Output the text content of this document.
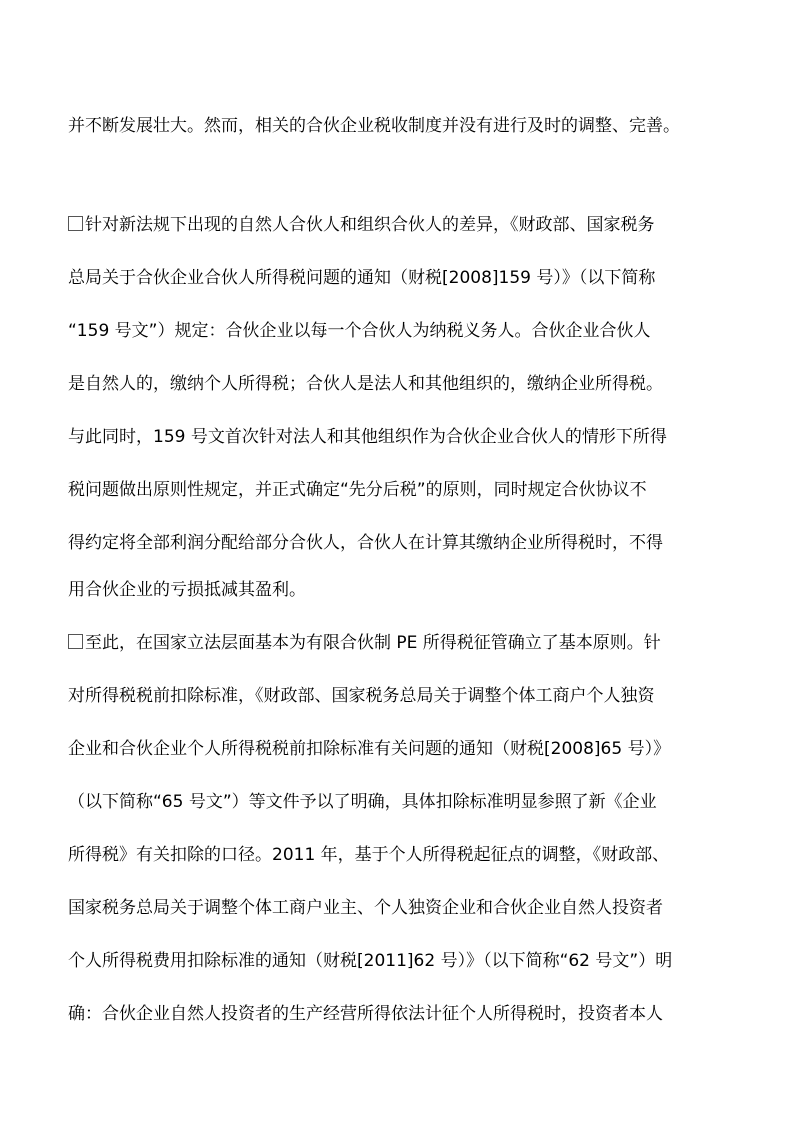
并不断发展壮大。然而，相关的合伙企业税收制度并没有进行及时的调整、完善。
针对新法规下出现的自然人合伙人和组织合伙人的差异，《财政部、国家税务
总局关于合伙企业合伙人所得税问题的通知（财税[2008]159 号）》（以下简称
“159 号文”）规定：合伙企业以每一个合伙人为纳税义务人。合伙企业合伙人
是自然人的，缴纳个人所得税；合伙人是法人和其他组织的，缴纳企业所得税。
与此同时，159 号文首次针对法人和其他组织作为合伙企业合伙人的情形下所得
税问题做出原则性规定，并正式确定“先分后税”的原则，同时规定合伙协议不
得约定将全部利润分配给部分合伙人，合伙人在计算其缴纳企业所得税时，不得
用合伙企业的亏损抵减其盈利。
至此，在国家立法层面基本为有限合伙制 PE 所得税征管确立了基本原则。针
对所得税税前扣除标准，《财政部、国家税务总局关于调整个体工商户个人独资
企业和合伙企业个人所得税税前扣除标准有关问题的通知（财税[2008]65 号）》
（以下简称“65 号文”）等文件予以了明确，具体扣除标准明显参照了新《企业
所得税》有关扣除的口径。2011 年，基于个人所得税起征点的调整，《财政部、
国家税务总局关于调整个体工商户业主、个人独资企业和合伙企业自然人投资者
个人所得税费用扣除标准的通知（财税[2011]62 号）》（以下简称“62 号文”）明
确：合伙企业自然人投资者的生产经营所得依法计征个人所得税时，投资者本人
